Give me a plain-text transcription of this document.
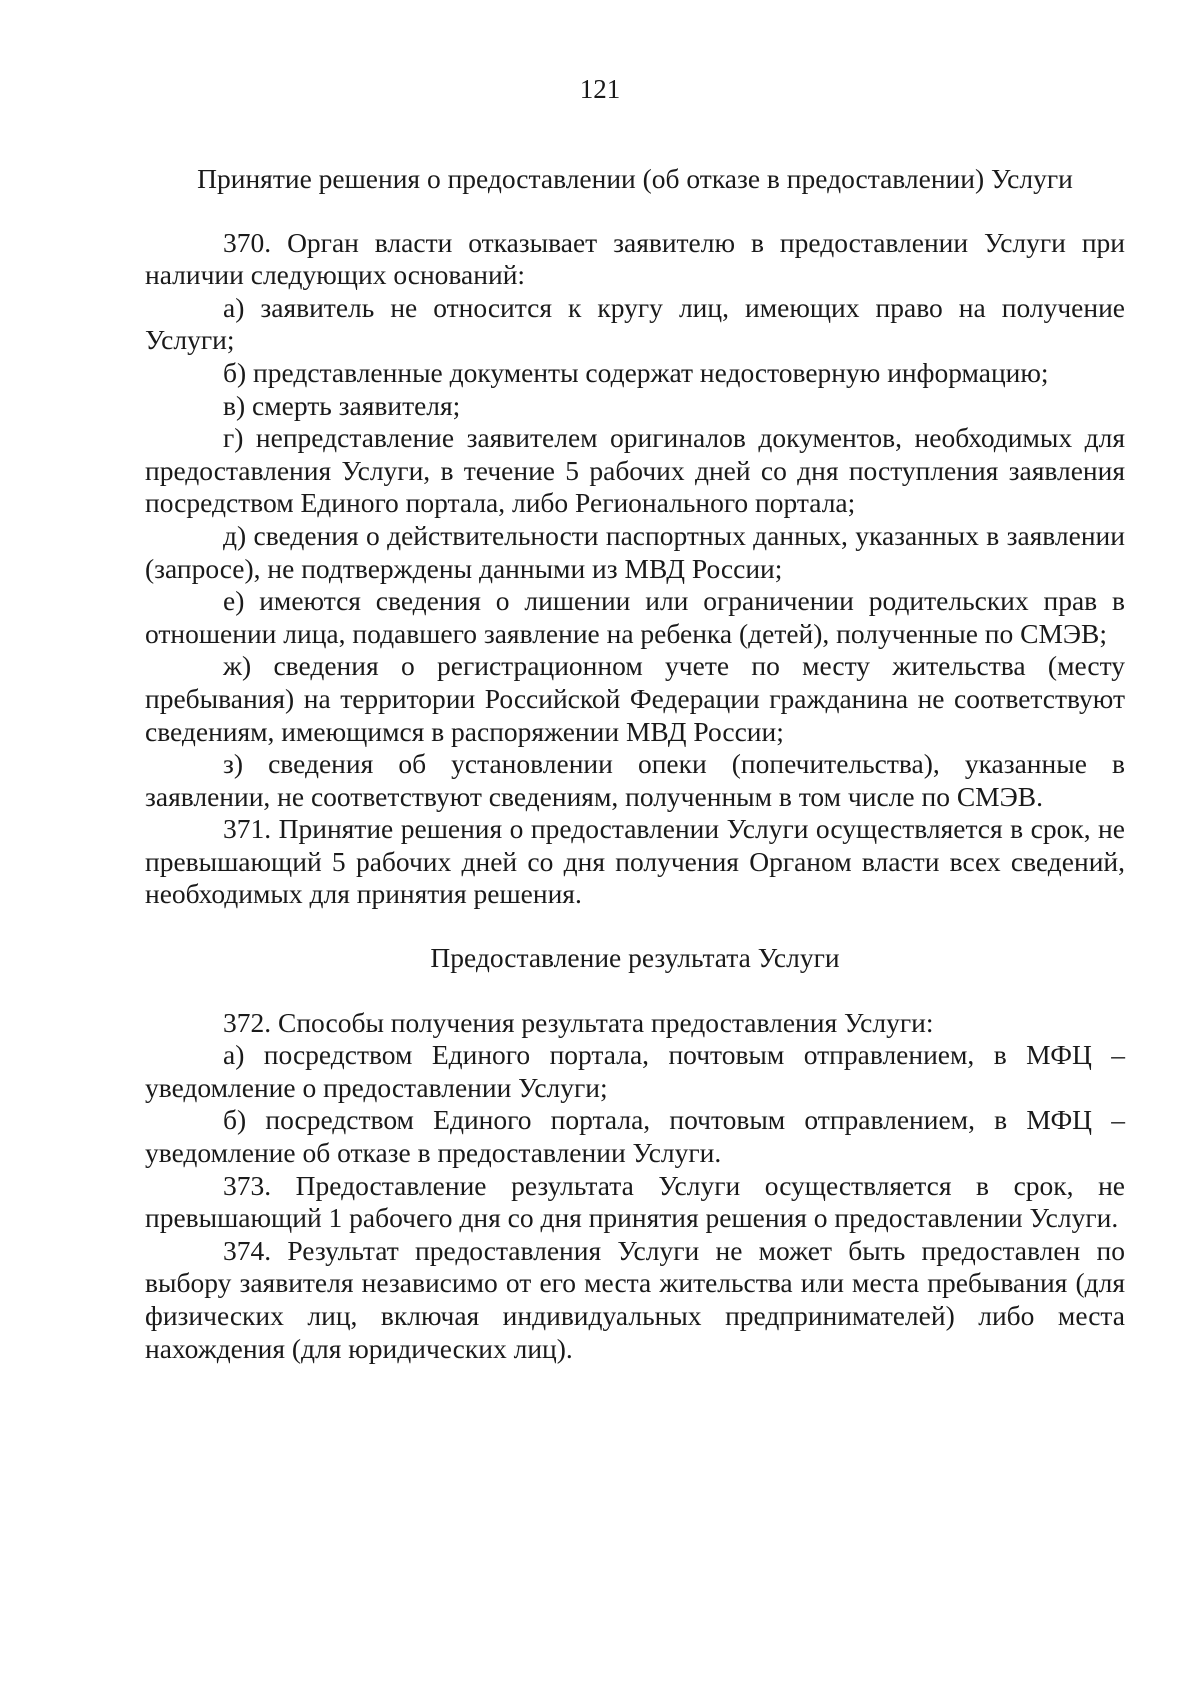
121

Принятие решения о предоставлении (об отказе в предоставлении) Услуги

370. Орган власти отказывает заявителю в предоставлении Услуги при наличии следующих оснований:

а) заявитель не относится к кругу лиц, имеющих право на получение Услуги;

б) представленные документы содержат недостоверную информацию;

в) смерть заявителя;

г) непредставление заявителем оригиналов документов, необходимых для предоставления Услуги, в течение 5 рабочих дней со дня поступления заявления посредством Единого портала, либо Регионального портала;

д) сведения о действительности паспортных данных, указанных в заявлении (запросе), не подтверждены данными из МВД России;

е) имеются сведения о лишении или ограничении родительских прав в отношении лица, подавшего заявление на ребенка (детей), полученные по СМЭВ;

ж) сведения о регистрационном учете по месту жительства (месту пребывания) на территории Российской Федерации гражданина не соответствуют сведениям, имеющимся в распоряжении МВД России;

з) сведения об установлении опеки (попечительства), указанные в заявлении, не соответствуют сведениям, полученным в том числе по СМЭВ.

371. Принятие решения о предоставлении Услуги осуществляется в срок, не превышающий 5 рабочих дней со дня получения Органом власти всех сведений, необходимых для принятия решения.

Предоставление результата Услуги

372. Способы получения результата предоставления Услуги:

а) посредством Единого портала, почтовым отправлением, в МФЦ – уведомление о предоставлении Услуги;

б) посредством Единого портала, почтовым отправлением, в МФЦ – уведомление об отказе в предоставлении Услуги.

373. Предоставление результата Услуги осуществляется в срок, не превышающий 1 рабочего дня со дня принятия решения о предоставлении Услуги.

374. Результат предоставления Услуги не может быть предоставлен по выбору заявителя независимо от его места жительства или места пребывания (для физических лиц, включая индивидуальных предпринимателей) либо места нахождения (для юридических лиц).
